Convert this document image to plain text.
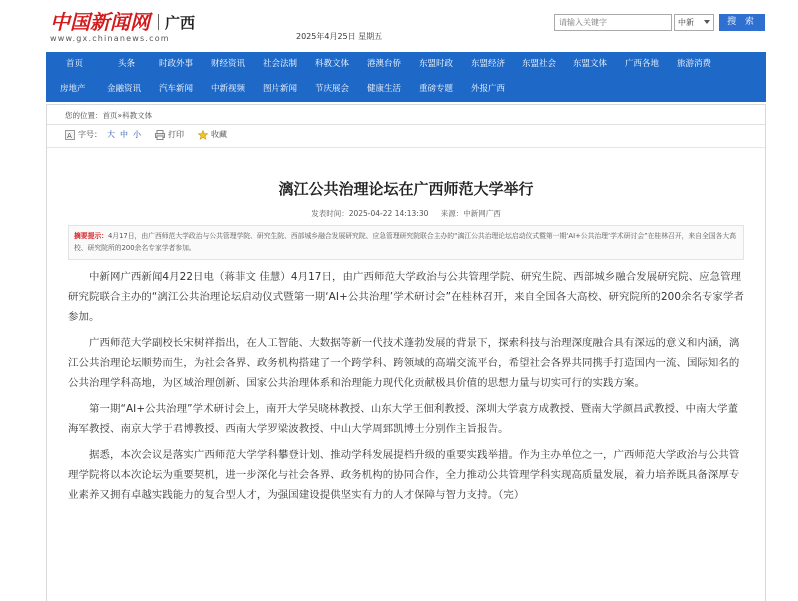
中国新闻网 广西
www.gx.chinanews.com	2025年4月25日 星期五
请输入关键字
中新	搜 索
首页	头条	时政外事 财经资讯 社会法制 科教文体 港澳台侨 东盟时政 东盟经济 东盟社会 东盟文体 广西各地 旅游消费
房地产	金融资讯 汽车新闻 中新视频 图片新闻 节庆展会 健康生活 重磅专题 外报广西
您的位置：首页»科教文体
A 字号： 大 中 小	打印	收藏
漓江公共治理论坛在广西师范大学举行
发表时间：2025-04-22 14:13:30 来源：中新网广西
摘要提示：4月17日，由广西师范大学政治与公共管理学院、研究生院、西部城乡融合发展研究院、应急管理研究院联合主办的“漓江公共治理论坛启动仪式暨第一期‘AI+公共治理’学术研讨会”在桂林召开，来自全国各大高校、研究院所的200余名专家学者参加。

中新网广西新闻4月22日电（蒋菲文 佳慧）4月17日，由广西师范大学政治与公共管理学院、研究生院、西部城乡融合发展研究院、应急管理研究院联合主办的“漓江公共治理论坛启动仪式暨第一期‘AI+公共治理’学术研讨会”在桂林召开，来自全国各大高校、研究院所的200余名专家学者参加。

广西师范大学副校长宋树祥指出，在人工智能、大数据等新一代技术蓬勃发展的背景下，探索科技与治理深度融合具有深远的意义和内涵，漓江公共治理论坛顺势而生，为社会各界、政务机构搭建了一个跨学科、跨领域的高端交流平台，希望社会各界共同携手打造国内一流、国际知名的公共治理学科高地，为区域治理创新、国家公共治理体系和治理能力现代化贡献极具价值的思想力量与切实可行的实践方案。

第一期“AI+公共治理”学术研讨会上，南开大学吴晓林教授、山东大学王佃利教授、深圳大学袁方成教授、暨南大学颜昌武教授、中南大学董海军教授、南京大学于君博教授、西南大学罗梁波教授、中山大学周郅凯博士分别作主旨报告。

据悉，本次会议是落实广西师范大学学科攀登计划、推动学科发展提档升级的重要实践举措。作为主办单位之一，广西师范大学政治与公共管理学院将以本次论坛为重要契机，进一步深化与社会各界、政务机构的协同合作，全力推动公共管理学科实现高质量发展，着力培养既具备深厚专业素养又拥有卓越实践能力的复合型人才，为强国建设提供坚实有力的人才保障与智力支持。（完）
